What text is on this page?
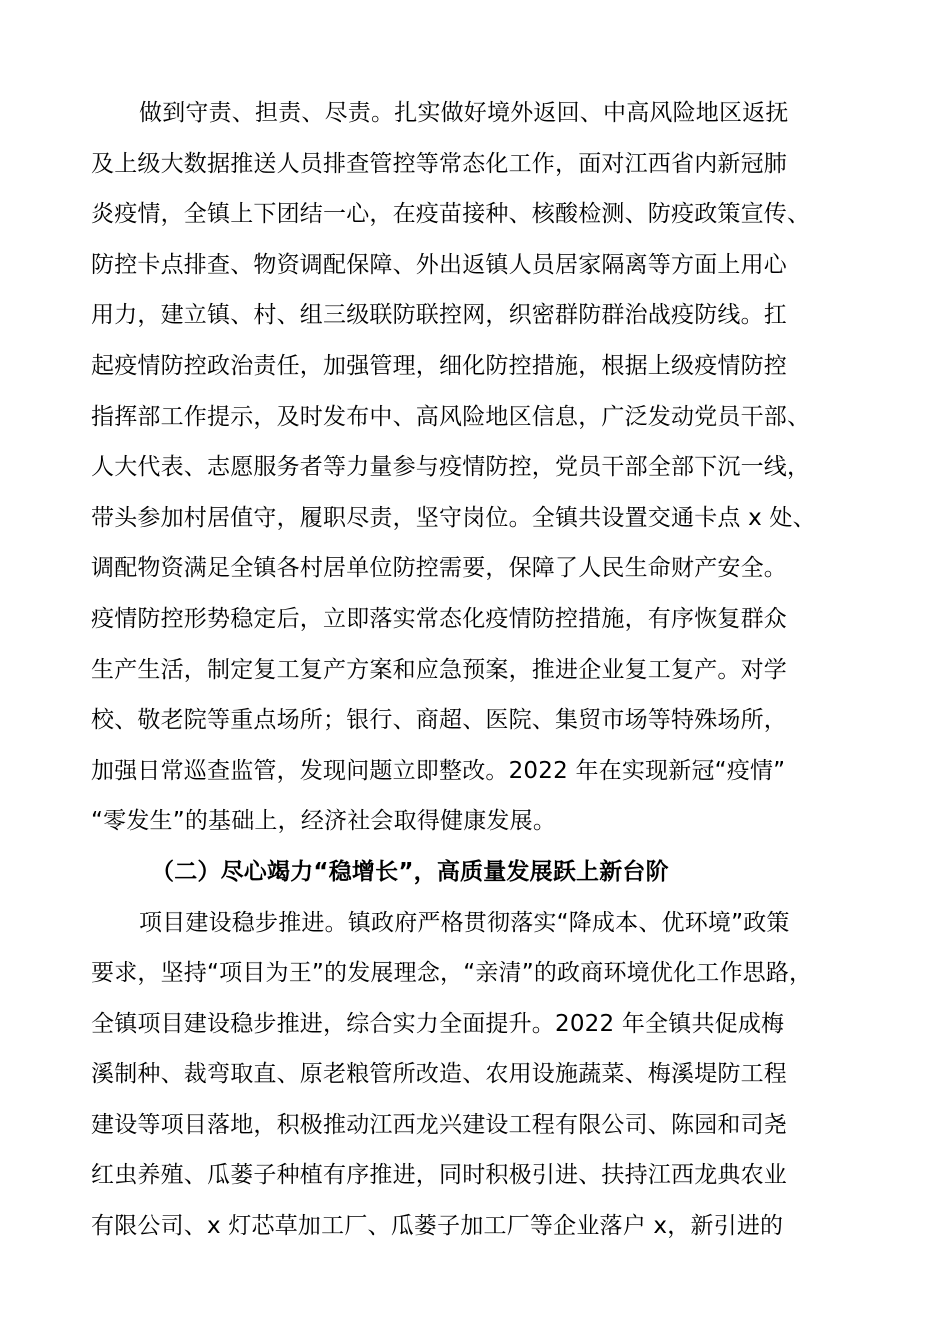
做到守责、担责、尽责。扎实做好境外返回、中高风险地区返抚
及上级大数据推送人员排查管控等常态化工作，面对江西省内新冠肺
炎疫情，全镇上下团结一心，在疫苗接种、核酸检测、防疫政策宣传、
防控卡点排查、物资调配保障、外出返镇人员居家隔离等方面上用心
用力，建立镇、村、组三级联防联控网，织密群防群治战疫防线。扛
起疫情防控政治责任，加强管理，细化防控措施，根据上级疫情防控
指挥部工作提示，及时发布中、高风险地区信息，广泛发动党员干部、
人大代表、志愿服务者等力量参与疫情防控，党员干部全部下沉一线，
带头参加村居值守，履职尽责，坚守岗位。全镇共设置交通卡点 x 处、
调配物资满足全镇各村居单位防控需要，保障了人民生命财产安全。
疫情防控形势稳定后，立即落实常态化疫情防控措施，有序恢复群众
生产生活，制定复工复产方案和应急预案，推进企业复工复产。对学
校、敬老院等重点场所；银行、商超、医院、集贸市场等特殊场所，
加强日常巡查监管，发现问题立即整改。2022 年在实现新冠“疫情”
“零发生”的基础上，经济社会取得健康发展。
（二）尽心竭力“稳增长”，高质量发展跃上新台阶
项目建设稳步推进。镇政府严格贯彻落实“降成本、优环境”政策
要求，坚持“项目为王”的发展理念，“亲清”的政商环境优化工作思路，
全镇项目建设稳步推进，综合实力全面提升。2022 年全镇共促成梅
溪制种、裁弯取直、原老粮管所改造、农用设施蔬菜、梅溪堤防工程
建设等项目落地，积极推动江西龙兴建设工程有限公司、陈园和司尧
红虫养殖、瓜蒌子种植有序推进，同时积极引进、扶持江西龙典农业
有限公司、x 灯芯草加工厂、瓜蒌子加工厂等企业落户 x，新引进的
